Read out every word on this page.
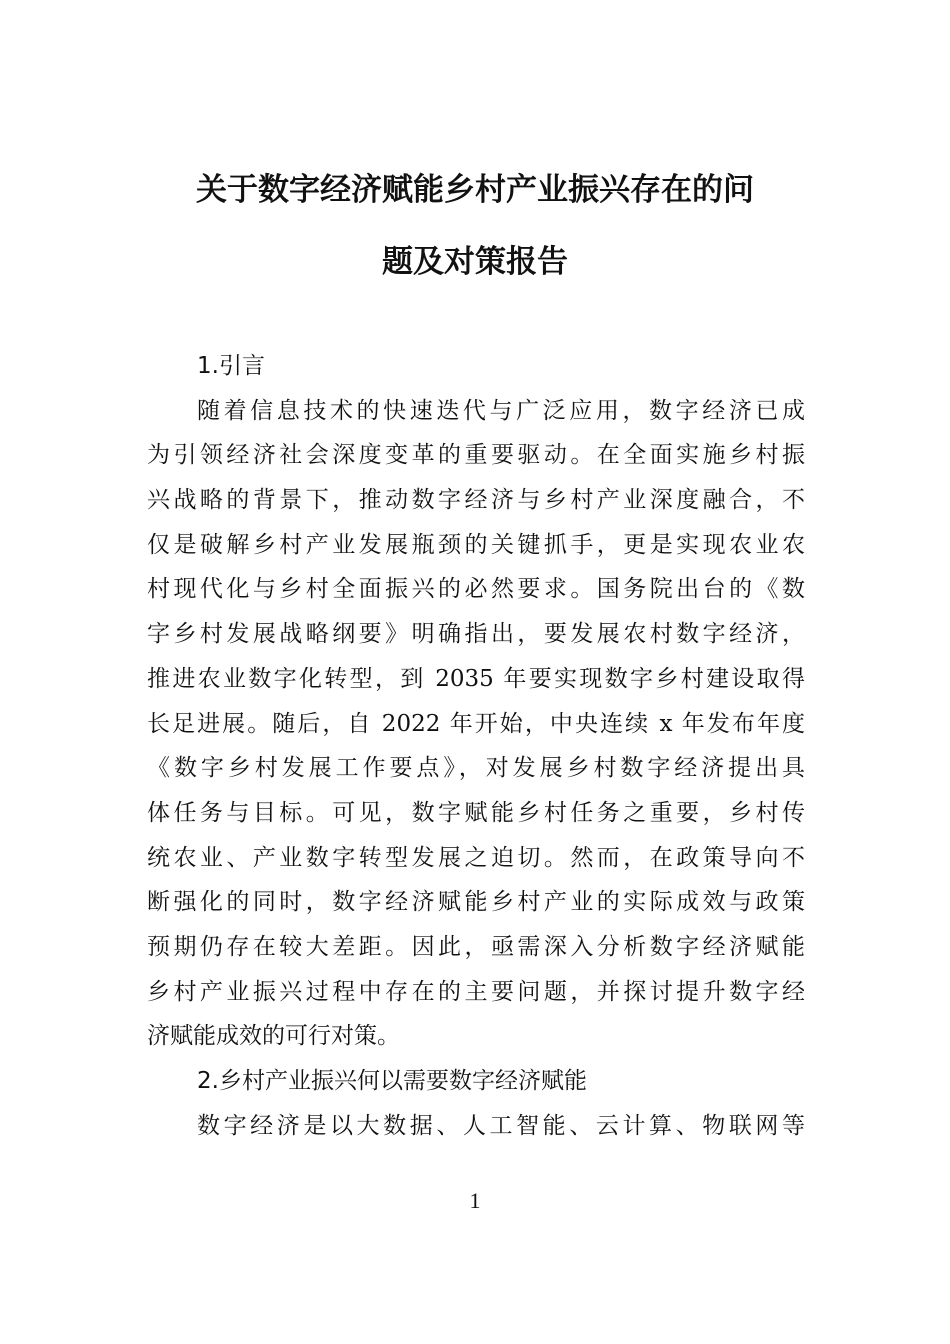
关于数字经济赋能乡村产业振兴存在的问
题及对策报告
1.引言
随着信息技术的快速迭代与广泛应用，数字经济已成
为引领经济社会深度变革的重要驱动。在全面实施乡村振
兴战略的背景下，推动数字经济与乡村产业深度融合，不
仅是破解乡村产业发展瓶颈的关键抓手，更是实现农业农
村现代化与乡村全面振兴的必然要求。国务院出台的《数
字乡村发展战略纲要》明确指出，要发展农村数字经济，
推进农业数字化转型，到 2035 年要实现数字乡村建设取得
长足进展。随后，自 2022 年开始，中央连续 x 年发布年度
《数字乡村发展工作要点》，对发展乡村数字经济提出具
体任务与目标。可见，数字赋能乡村任务之重要，乡村传
统农业、产业数字转型发展之迫切。然而，在政策导向不
断强化的同时，数字经济赋能乡村产业的实际成效与政策
预期仍存在较大差距。因此，亟需深入分析数字经济赋能
乡村产业振兴过程中存在的主要问题，并探讨提升数字经
济赋能成效的可行对策。
2.乡村产业振兴何以需要数字经济赋能
数字经济是以大数据、人工智能、云计算、物联网等
1
